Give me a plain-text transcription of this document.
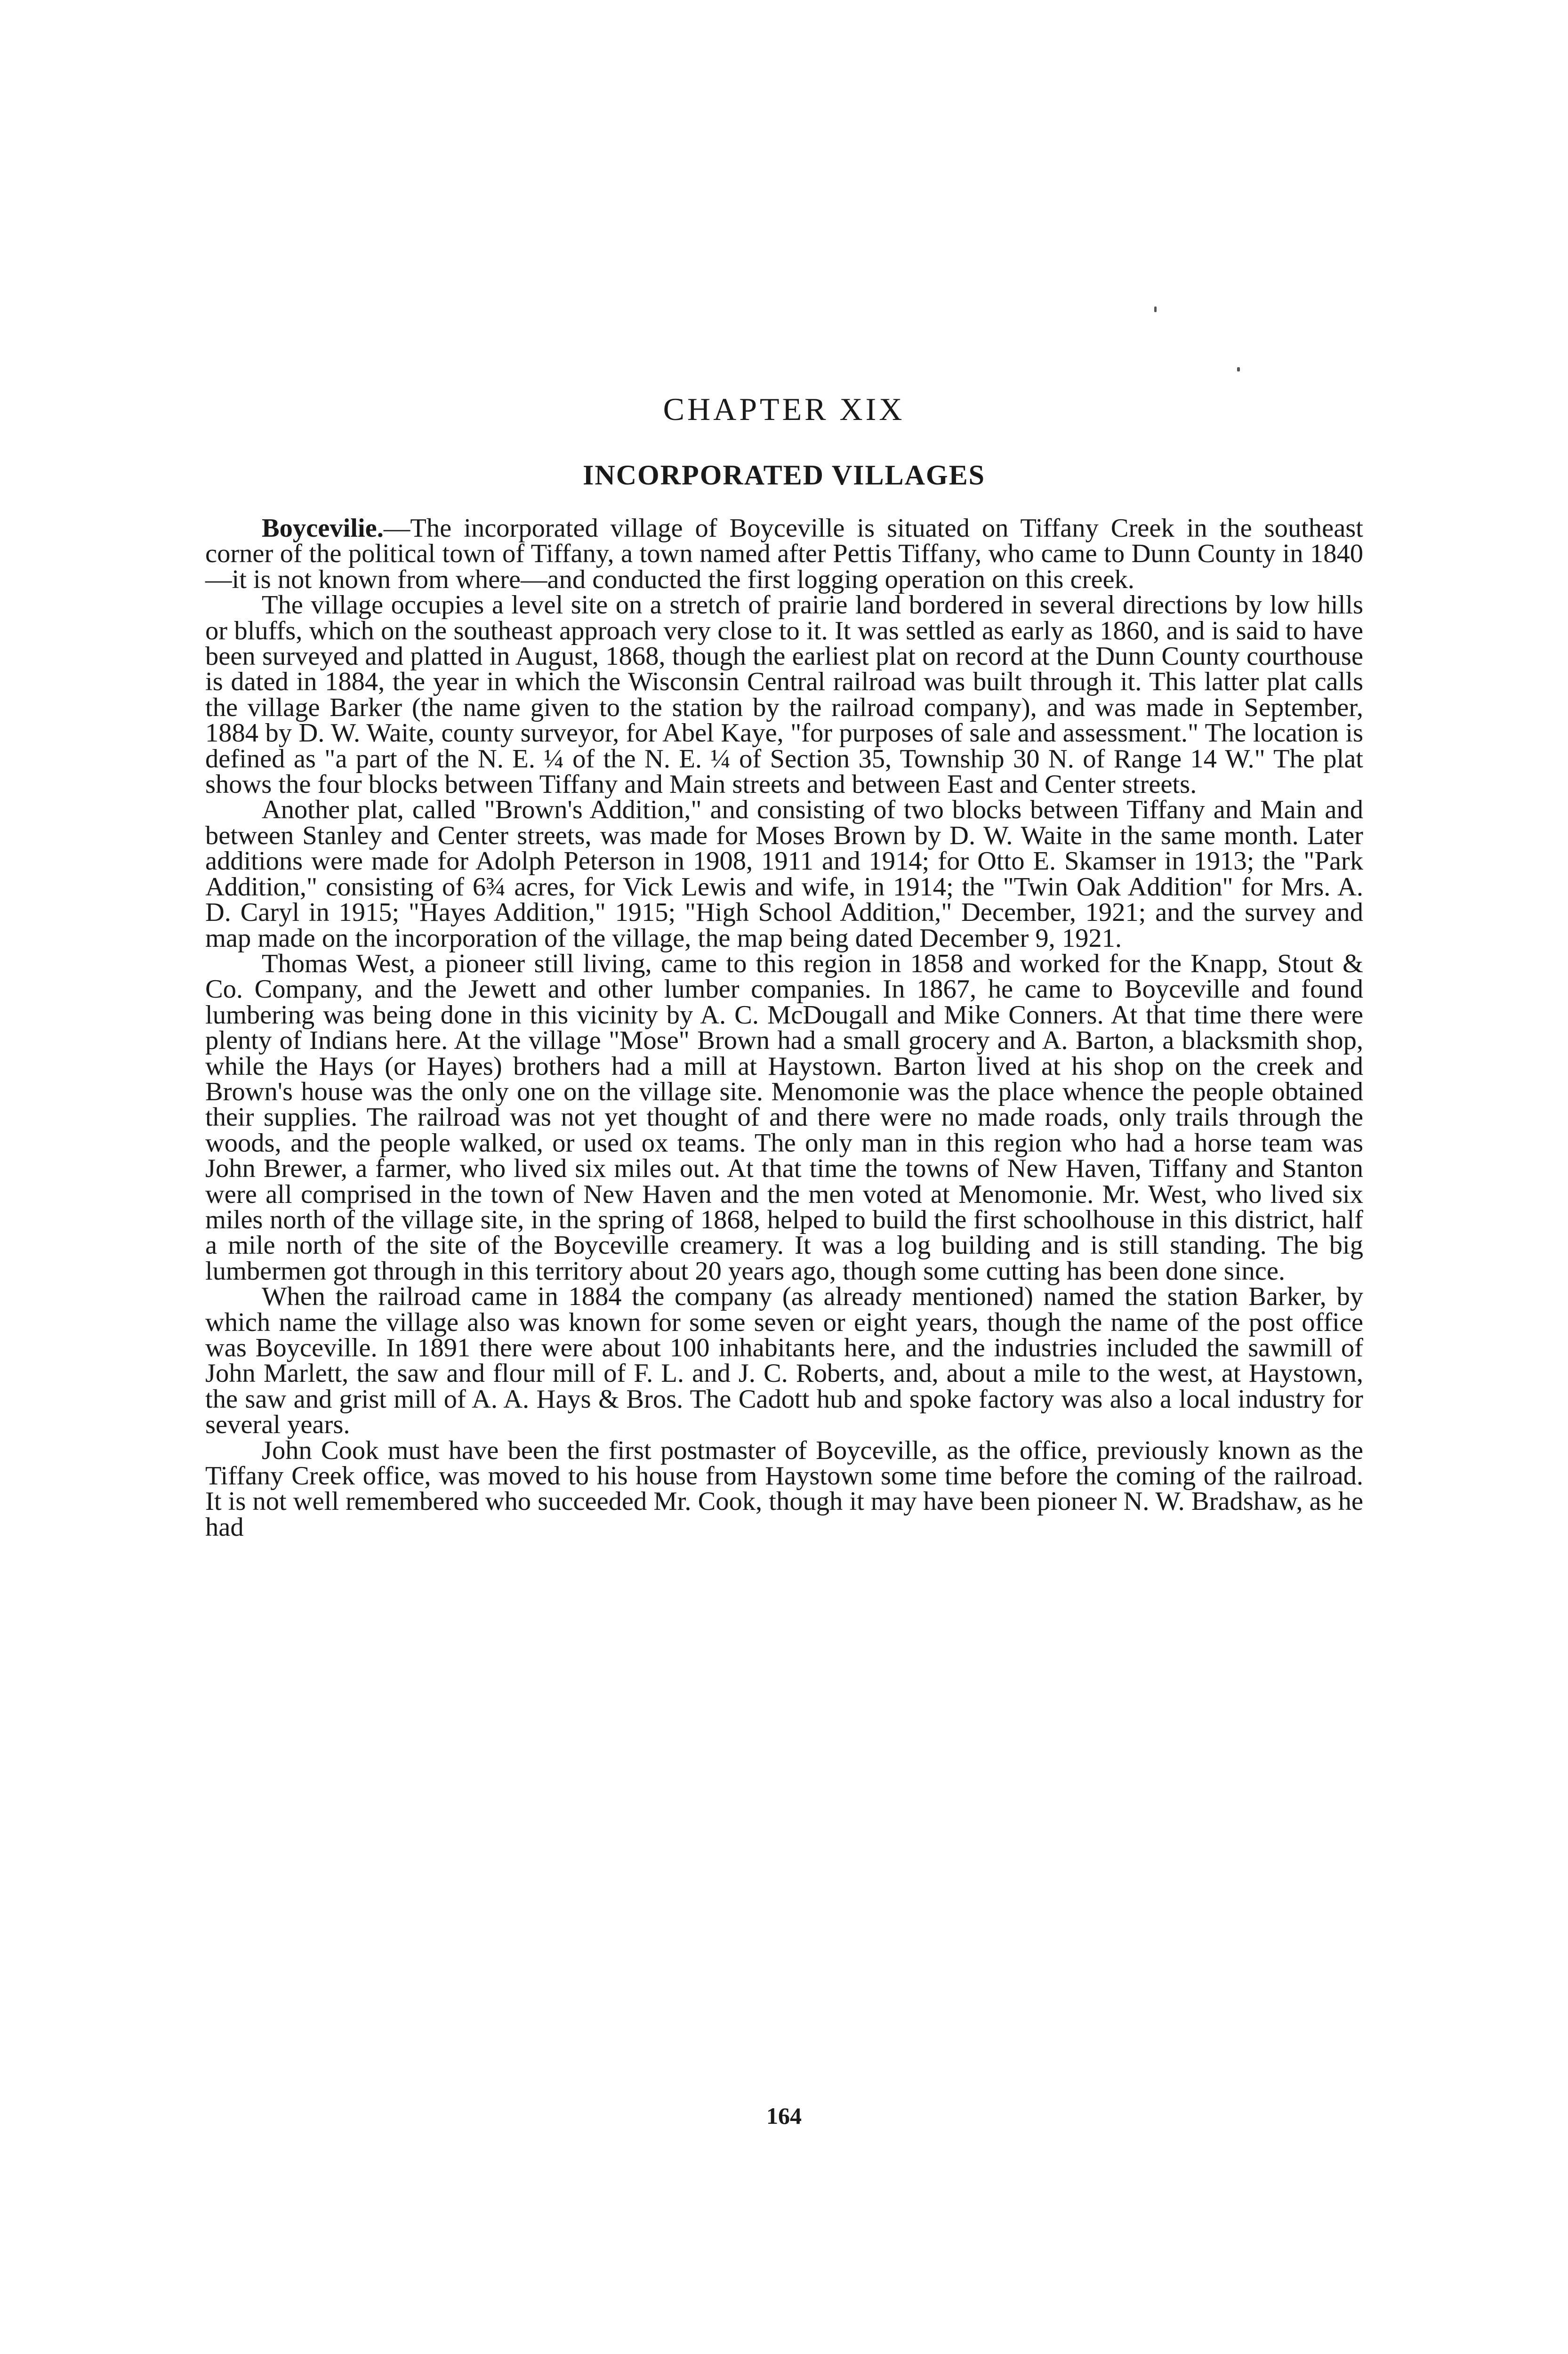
CHAPTER XIX
INCORPORATED VILLAGES

Boycevilie.—The incorporated village of Boyceville is situated on Tiffany Creek in the southeast corner of the political town of Tiffany, a town named after Pettis Tiffany, who came to Dunn County in 1840—it is not known from where—and conducted the first logging operation on this creek.

The village occupies a level site on a stretch of prairie land bordered in several directions by low hills or bluffs, which on the southeast approach very close to it. It was settled as early as 1860, and is said to have been surveyed and platted in August, 1868, though the earliest plat on record at the Dunn County courthouse is dated in 1884, the year in which the Wisconsin Central railroad was built through it. This latter plat calls the village Barker (the name given to the station by the railroad company), and was made in September, 1884 by D. W. Waite, county surveyor, for Abel Kaye, "for purposes of sale and assessment." The location is defined as "a part of the N. E. ¼ of the N. E. ¼ of Section 35, Township 30 N. of Range 14 W." The plat shows the four blocks between Tiffany and Main streets and between East and Center streets.

Another plat, called "Brown's Addition," and consisting of two blocks between Tiffany and Main and between Stanley and Center streets, was made for Moses Brown by D. W. Waite in the same month. Later additions were made for Adolph Peterson in 1908, 1911 and 1914; for Otto E. Skamser in 1913; the "Park Addition," consisting of 6¾ acres, for Vick Lewis and wife, in 1914; the "Twin Oak Addition" for Mrs. A. D. Caryl in 1915; "Hayes Addition," 1915; "High School Addition," December, 1921; and the survey and map made on the incorporation of the village, the map being dated December 9, 1921.

Thomas West, a pioneer still living, came to this region in 1858 and worked for the Knapp, Stout & Co. Company, and the Jewett and other lumber companies. In 1867, he came to Boyceville and found lumbering was being done in this vicinity by A. C. McDougall and Mike Conners. At that time there were plenty of Indians here. At the village "Mose" Brown had a small grocery and A. Barton, a blacksmith shop, while the Hays (or Hayes) brothers had a mill at Haystown. Barton lived at his shop on the creek and Brown's house was the only one on the village site. Menomonie was the place whence the people obtained their supplies. The railroad was not yet thought of and there were no made roads, only trails through the woods, and the people walked, or used ox teams. The only man in this region who had a horse team was John Brewer, a farmer, who lived six miles out. At that time the towns of New Haven, Tiffany and Stanton were all comprised in the town of New Haven and the men voted at Menomonie. Mr. West, who lived six miles north of the village site, in the spring of 1868, helped to build the first schoolhouse in this district, half a mile north of the site of the Boyceville creamery. It was a log building and is still standing. The big lumbermen got through in this territory about 20 years ago, though some cutting has been done since.

When the railroad came in 1884 the company (as already mentioned) named the station Barker, by which name the village also was known for some seven or eight years, though the name of the post office was Boyceville. In 1891 there were about 100 inhabitants here, and the industries included the sawmill of John Marlett, the saw and flour mill of F. L. and J. C. Roberts, and, about a mile to the west, at Haystown, the saw and grist mill of A. A. Hays & Bros. The Cadott hub and spoke factory was also a local industry for several years.

John Cook must have been the first postmaster of Boyceville, as the office, previously known as the Tiffany Creek office, was moved to his house from Haystown some time before the coming of the railroad. It is not well remembered who succeeded Mr. Cook, though it may have been pioneer N. W. Bradshaw, as he had

164
